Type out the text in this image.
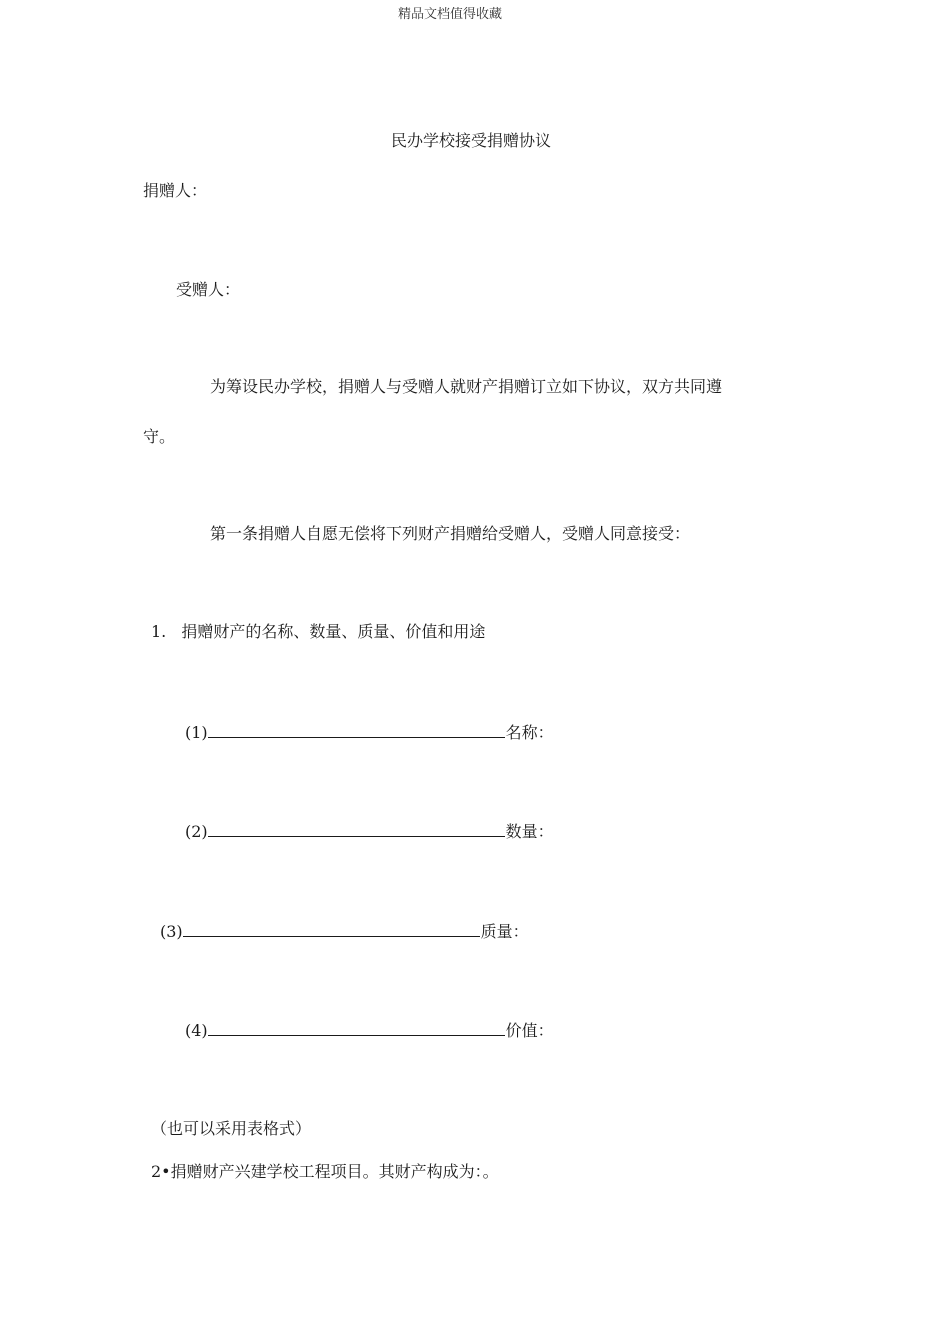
精品文档值得收藏
民办学校接受捐赠协议
捐赠人：
受赠人：
为筹设民办学校，捐赠人与受赠人就财产捐赠订立如下协议，双方共同遵
守。
第一条捐赠人自愿无偿将下列财产捐赠给受赠人，受赠人同意接受：
1. 捐赠财产的名称、数量、质量、价值和用途
(1)	名称：
(2)	数量：
(3)	质量：
(4)	价值：
（也可以采用表格式）
2•捐赠财产兴建学校工程项目。其财产构成为：。
